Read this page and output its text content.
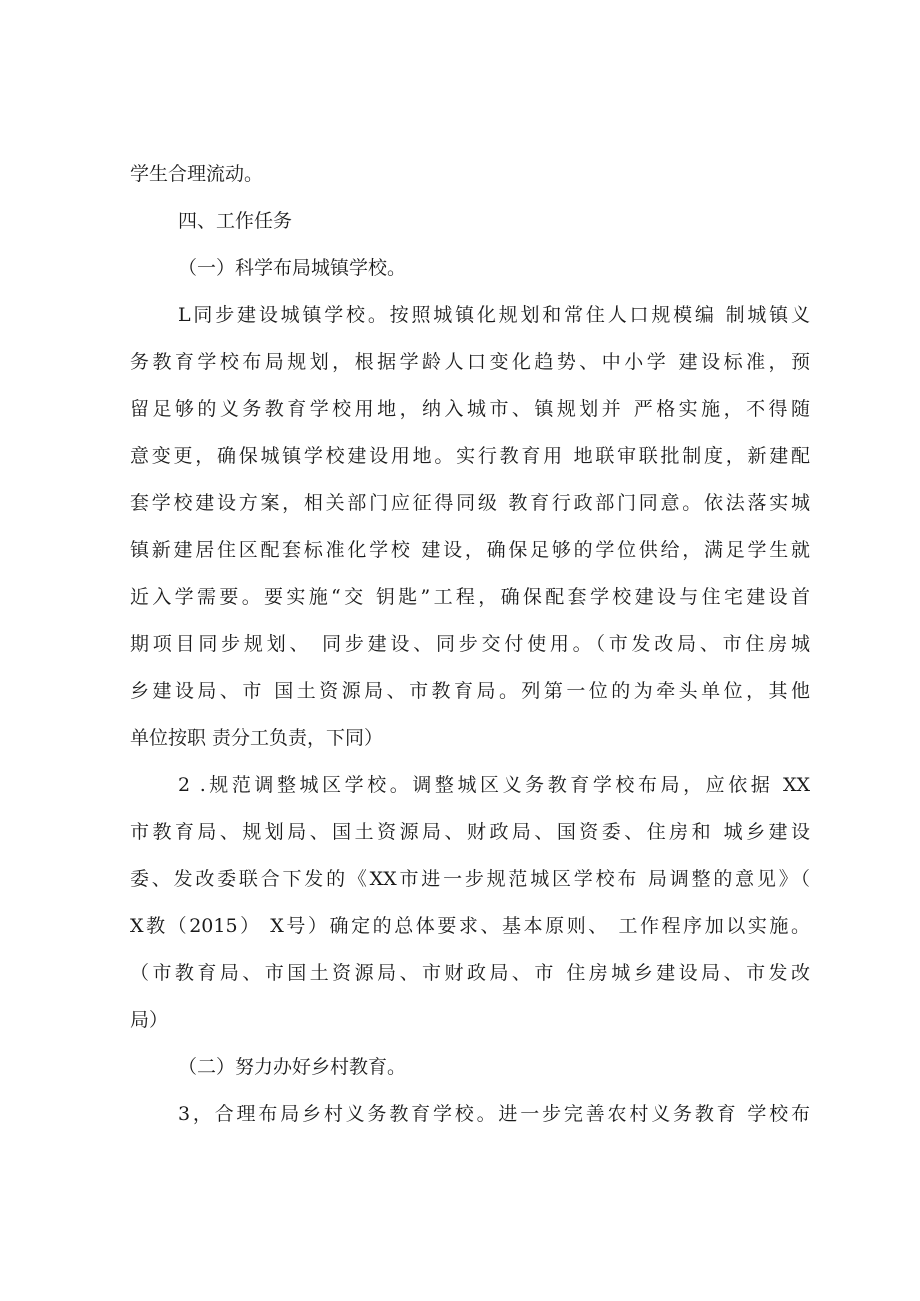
学生合理流动。
四、工作任务
（一）科学布局城镇学校。
L同步建设城镇学校。按照城镇化规划和常住人口规模编 制城镇义
务教育学校布局规划，根据学龄人口变化趋势、中小学 建设标准，预
留足够的义务教育学校用地，纳入城市、镇规划并 严格实施，不得随
意变更，确保城镇学校建设用地。实行教育用 地联审联批制度，新建配
套学校建设方案，相关部门应征得同级 教育行政部门同意。依法落实城
镇新建居住区配套标准化学校 建设，确保足够的学位供给，满足学生就
近入学需要。要实施“交 钥匙”工程，确保配套学校建设与住宅建设首
期项目同步规划、 同步建设、同步交付使用。（市发改局、市住房城
乡建设局、市 国土资源局、市教育局。列第一位的为牵头单位，其他
单位按职 责分工负责，下同）
2 .规范调整城区学校。调整城区义务教育学校布局，应依据 XX
市教育局、规划局、国土资源局、财政局、国资委、住房和 城乡建设
委、发改委联合下发的《XX市进一步规范城区学校布 局调整的意见》（
X教（2015） X号）确定的总体要求、基本原则、 工作程序加以实施。
（市教育局、市国土资源局、市财政局、市 住房城乡建设局、市发改
局）
（二）努力办好乡村教育。
3，合理布局乡村义务教育学校。进一步完善农村义务教育 学校布
